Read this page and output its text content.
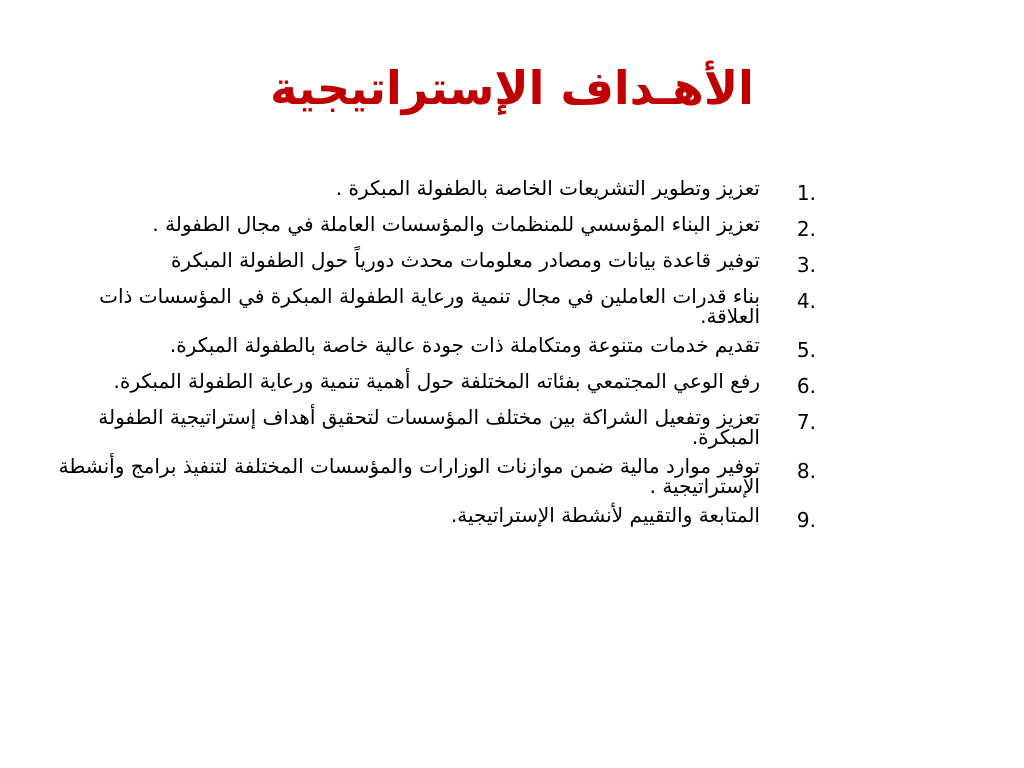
الأهـداف الإستراتيجية
.1
تعزيز وتطوير التشريعات الخاصة بالطفولة المبكرة .
.2
تعزيز البناء المؤسسي للمنظمات والمؤسسات العاملة في مجال الطفولة .
.3
توفير قاعدة بيانات ومصادر معلومات محدث دورياً حول الطفولة المبكرة
.4
بناء قدرات العاملين في مجال تنمية ورعاية الطفولة المبكرة في المؤسسات ذات العلاقة.
.5
تقديم خدمات متنوعة ومتكاملة ذات جودة عالية خاصة بالطفولة المبكرة.
.6
رفع الوعي المجتمعي بفئاته المختلفة حول أهمية تنمية ورعاية الطفولة المبكرة.
.7
تعزيز وتفعيل الشراكة بين مختلف المؤسسات لتحقيق أهداف إستراتيجية الطفولة المبكرة.
.8
توفير موارد مالية ضمن موازنات الوزارات والمؤسسات المختلفة لتنفيذ برامج وأنشطة الإستراتيجية .
.9
المتابعة والتقييم لأنشطة الإستراتيجية.
